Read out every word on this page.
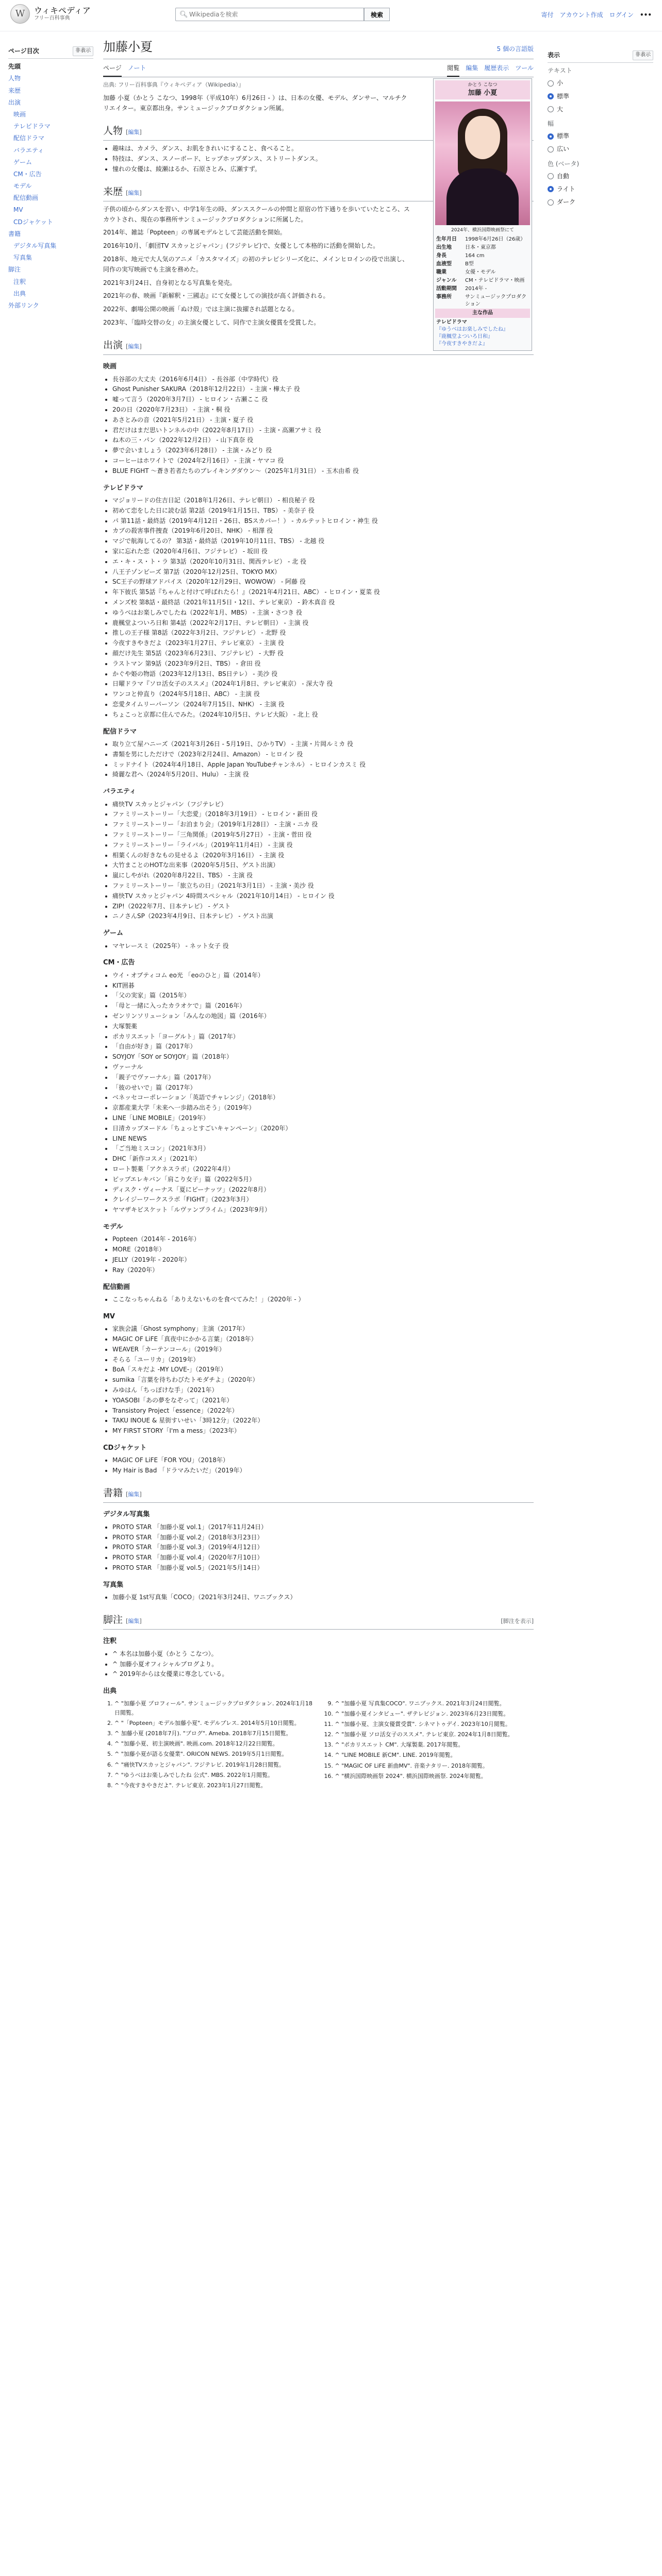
W	ウィキペディア
フリー百科事典	🔍︎
Wikipediaを検索	検索	寄付 アカウント作成 ログイン •••
ページ目次	非表示
先頭
人物
来歴
出演
映画
テレビドラマ
配信ドラマ
バラエティ
ゲーム
CM・広告
モデル
配信動画
MV
CDジャケット
書籍
デジタル写真集
写真集
脚注
注釈
出典
外部リンク
表示	非表示
テキスト
小
標準
大
幅
標準
広い
色 (ベータ)
自動
ライト
ダーク
加藤小夏	5 個の言語版
ページ ノート	閲覧 編集 履歴表示 ツール
出典: フリー百科事典『ウィキペディア（Wikipedia）』

加藤 小夏（かとう こなつ、1998年（平成10年）6月26日 - ）は、日本の女優、モデル、ダンサー、マルチクリエイター。東京都出身。サンミュージックプロダクション所属。

人物 [編集]
• 趣味は、カメラ、ダンス、お肌をきれいにすること、食べること。
• 特技は、ダンス、スノーボード、ヒップホップダンス、ストリートダンス。
• 憧れの女優は、綾瀬はるか、石原さとみ、広瀬すず。
来歴 [編集]

子供の頃からダンスを習い、中学1年生の時、ダンススクールの仲間と原宿の竹下通りを歩いていたところ、スカウトされ、現在の事務所サンミュージックプロダクションに所属した。

2014年、雑誌「Popteen」の専属モデルとして芸能活動を開始。

2016年10月、「劇団TV スカッとジャパン」(フジテレビ)で、女優として本格的に活動を開始した。

2018年、地元で大人気のアニメ「カスタマイズ」の初のテレビシリーズ化に、メインヒロインの役で出演し、同作の実写映画でも主演を務めた。

2021年3月24日、自身初となる写真集を発売。

2021年の春、映画『新解釈・三國志』にて女優としての演技が高く評価される。

2022年、劇場公開の映画「ぬけ殻」では主演に抜擢され話題となる。

2023年、「臨時交替の女」の主演女優として、同作で主演女優賞を受賞した。

出演 [編集]
映画
• 長谷部の大丈夫（2016年6月4日） - 長谷部（中学時代）役
• Ghost Punisher SAKURA（2018年12月22日） - 主演・樺太子 役
• 嘘って言う（2020年3月7日） - ヒロイン・古瀬ここ 役
• 20の日（2020年7月23日） - 主演・桐 役
• あさとみの音（2021年5月21日） - 主演・夏子 役
• 君だけはまだ思いトンネルの中（2022年8月17日） - 主演・高瀬アサミ 役
• ね木の三・パン（2022年12月2日） - 山下真奈 役
• 夢で会いましょう（2023年6月28日） - 主演・みどり 役
• コーヒーはホワイトで（2024年2月16日） - 主演・ヤマコ 役
• BLUE FIGHT 〜蒼き若者たちのブレイキングダウン〜（2025年1月31日） - 玉木由希 役
テレビドラマ
• マジョリードの住吉日記（2018年1月26日、テレビ朝日） - 相良秘子 役
• 初めて恋をした日に読む話 第2話（2019年1月15日、TBS） - 美奈子 役
• パ 第11話・最終話（2019年4月12日・26日、BSスカパー！） - カルテットヒロイン・神生 役
• カブの殺害事件捜査（2019年6月20日、NHK） - 相澤 役
• マジで航海してるの？ 第3話・最終話（2019年10月11日、TBS） - 北越 役
• 家に忘れた恋（2020年4月6日、フジテレビ） - 坂田 役
• エ・キ・ス・ト・ラ 第3話（2020年10月31日、関西テレビ） - 北 役
• 八王子ゾンビーズ 第7話（2020年12月25日、TOKYO MX）
• SC王子の野球アドバイス（2020年12月29日、WOWOW） - 阿藤 役
• 年下彼氏 第5話『ちゃんと付けて呼ばれたら！』（2021年4月21日、ABC） - ヒロイン・夏菜 役
• メンズ校 第8話・最終話（2021年11月5日・12日、テレビ東京） - 鈴木真音 役
• ゆうべはお楽しみでしたね（2022年1月、MBS） - 主演・さつき 役
• 鹿楓堂よついろ日和 第4話（2022年2月17日、テレビ朝日） - 主演 役
• 推しの王子様 第8話（2022年3月2日、フジテレビ） - 北野 役
• 今夜すきやきだよ（2023年1月27日、テレビ東京） - 主演 役
• 顔だけ先生 第5話（2023年6月23日、フジテレビ） - 大野 役
• ラストマン 第9話（2023年9月2日、TBS） - 倉田 役
• かぐや姫の物語（2023年12月13日、BS日テレ） - 美沙 役
• 日曜ドラマ『ソロ活女子のススメ』（2024年1月8日、テレビ東京） - 深大寺 役
• ワンコと仲直り（2024年5月18日、ABC） - 主演 役
• 恋愛タイムリーパーソン（2024年7月15日、NHK） - 主演 役
• ちょこっと京都に住んでみた。（2024年10月5日、テレビ大阪） - 北上 役
配信ドラマ
• 取り立て屋ハニーズ（2021年3月26日 - 5月19日、ひかりTV） - 主演・片岡ルミカ 役
• 書類を男にしただけで（2023年2月24日、Amazon） - ヒロイン 役
• ミッドナイト（2024年4月18日、Apple Japan YouTubeチャンネル） - ヒロインカスミ 役
• 綺麗な君へ（2024年5月20日、Hulu） - 主演 役
バラエティ
• 痛快TV スカッとジャパン（フジテレビ）
• ファミリーストーリー「大恋愛」（2018年3月19日） - ヒロイン・新田 役
• ファミリーストーリー「お泊まり会」（2019年1月28日） - 主演・ニカ 役
• ファミリーストーリー「三角関係」（2019年5月27日） - 主演・菅田 役
• ファミリーストーリー「ライバル」（2019年11月4日） - 主演 役
• 相葉くんの好きなもの見せるよ（2020年3月16日） - 主演 役
• 大竹まことのHOTな出来事（2020年5月5日、ゲスト出演）
• 嵐にしやがれ（2020年8月22日、TBS） - 主演 役
• ファミリーストーリー「旅立ちの日」（2021年3月1日） - 主演・美沙 役
• 痛快TV スカッとジャパン 4時間スペシャル（2021年10月14日） - ヒロイン 役
• ZIP!（2022年7月、日本テレビ） - ゲスト
• ニノさんSP（2023年4月9日、日本テレビ） - ゲスト出演
ゲーム
• マヤレースミ（2025年） - ネット女子 役
CM・広告
• ウイ・オプティコム eo光 「eoのひと」篇（2014年）
• KIT囲碁
• 「父の実家」篇（2015年）
• 「母と一緒に入ったカラオケで」篇（2016年）
• ゼンリンソリューション「みんなの地図」篇（2016年）
• 大塚製薬
• ポカリスエット「ヨーグルト」篇（2017年）
• 「自由が好き」篇（2017年）
• SOYJOY「SOY or SOYJOY」篇（2018年）
• ヴァーナル
• 「親子でヴァーナル」篇（2017年）
• 「彼のせいで」篇（2017年）
• ベネッセコーポレーション「英語でチャレンジ」（2018年）
• 京都産業大学「未来へ一歩踏み出そう」（2019年）
• LINE「LINE MOBILE」（2019年）
• 日清カップヌードル「ちょっとすごいキャンペーン」（2020年）
• LINE NEWS
• 「ご当地ミスコン」（2021年3月）
• DHC「新作コスメ」（2021年）
• ロート製薬「アクネスラボ」（2022年4月）
• ピップエレキバン「肩こり女子」篇（2022年5月）
• ディスク・ヴィーナス「夏にピーナッツ」（2022年8月）
• クレイジーワークスラボ「FIGHT」（2023年3月）
• ヤマザキビスケット「ルヴァンプライム」（2023年9月）
モデル
• Popteen（2014年 - 2016年）
• MORE（2018年）
• JELLY（2019年 - 2020年）
• Ray（2020年）
配信動画
• ここなっちゃんねる「ありえないものを食べてみた！」（2020年 - ）
MV
• 家族会議「Ghost symphony」主演（2017年）
• MAGIC OF LiFE「真夜中にかかる言葉」（2018年）
• WEAVER「カーテンコール」（2019年）
• そらる「ユーリカ」（2019年）
• BoA「スキだよ -MY LOVE-」（2019年）
• sumika「言葉を待ちわびたトモダチよ」（2020年）
• みゆはん「ちっぽけな手」（2021年）
• YOASOBI「あの夢をなぞって」（2021年）
• Transistory Project「essence」（2022年）
• TAKU INOUE & 星街すいせい「3時12分」（2022年）
• MY FIRST STORY「I'm a mess」（2023年）
CDジャケット
• MAGIC OF LiFE「FOR YOU」（2018年）
• My Hair is Bad 「ドラマみたいだ」（2019年）
書籍 [編集]
デジタル写真集
• PROTO STAR 「加藤小夏 vol.1」（2017年11月24日）
• PROTO STAR 「加藤小夏 vol.2」（2018年3月23日）
• PROTO STAR 「加藤小夏 vol.3」（2019年4月12日）
• PROTO STAR 「加藤小夏 vol.4」（2020年7月10日）
• PROTO STAR 「加藤小夏 vol.5」（2021年5月14日）
写真集
• 加藤小夏 1st写真集「COCO」（2021年3月24日、ワニブックス）
脚注 [編集]	[脚注を表示]
注釈
• ^ 本名は加藤小夏（かとう こなつ）。
• ^ 加藤小夏オフィシャルブログより。
• ^ 2019年からは女優業に専念している。
出典
1. ^ "加藤小夏 プロフィール". サンミュージックプロダクション. 2024年1月18日閲覧。
2. ^ "「Popteen」モデル加藤小夏". モデルプレス. 2014年5月10日閲覧。
3. ^ 加藤小夏 (2018年7月). "ブログ". Ameba. 2018年7月15日閲覧。
4. ^ "加藤小夏、初主演映画". 映画.com. 2018年12月22日閲覧。
5. ^ "加藤小夏が語る女優業". ORICON NEWS. 2019年5月1日閲覧。
6. ^ "痛快TVスカッとジャパン". フジテレビ. 2019年1月28日閲覧。
7. ^ "ゆうべはお楽しみでしたね 公式". MBS. 2022年1月閲覧。
8. ^ "今夜すきやきだよ". テレビ東京. 2023年1月27日閲覧。
9. ^ "加藤小夏 写真集COCO". ワニブックス. 2021年3月24日閲覧。
10. ^ "加藤小夏インタビュー". ザテレビジョン. 2023年6月23日閲覧。
11. ^ "加藤小夏、主演女優賞受賞". シネマトゥデイ. 2023年10月閲覧。
12. ^ "加藤小夏 ソロ活女子のススメ". テレビ東京. 2024年1月8日閲覧。
13. ^ "ポカリスエット CM". 大塚製薬. 2017年閲覧。
14. ^ "LINE MOBILE 新CM". LINE. 2019年閲覧。
15. ^ "MAGIC OF LiFE 新曲MV". 音楽ナタリー. 2018年閲覧。
16. ^ "横浜国際映画祭 2024". 横浜国際映画祭. 2024年閲覧。
かとう こなつ
加藤 小夏
2024年、横浜国際映画祭にて
生年月日	1998年6月26日（26歳）
出生地	日本・東京都
身長	164 cm
血液型	B型
職業	女優・モデル
ジャンル	CM・テレビドラマ・映画
活動期間	2014年 -
事務所	サンミュージックプロダクション
主な作品
テレビドラマ
『ゆうべはお楽しみでしたね』
『鹿楓堂よついろ日和』
『今夜すきやきだよ』
